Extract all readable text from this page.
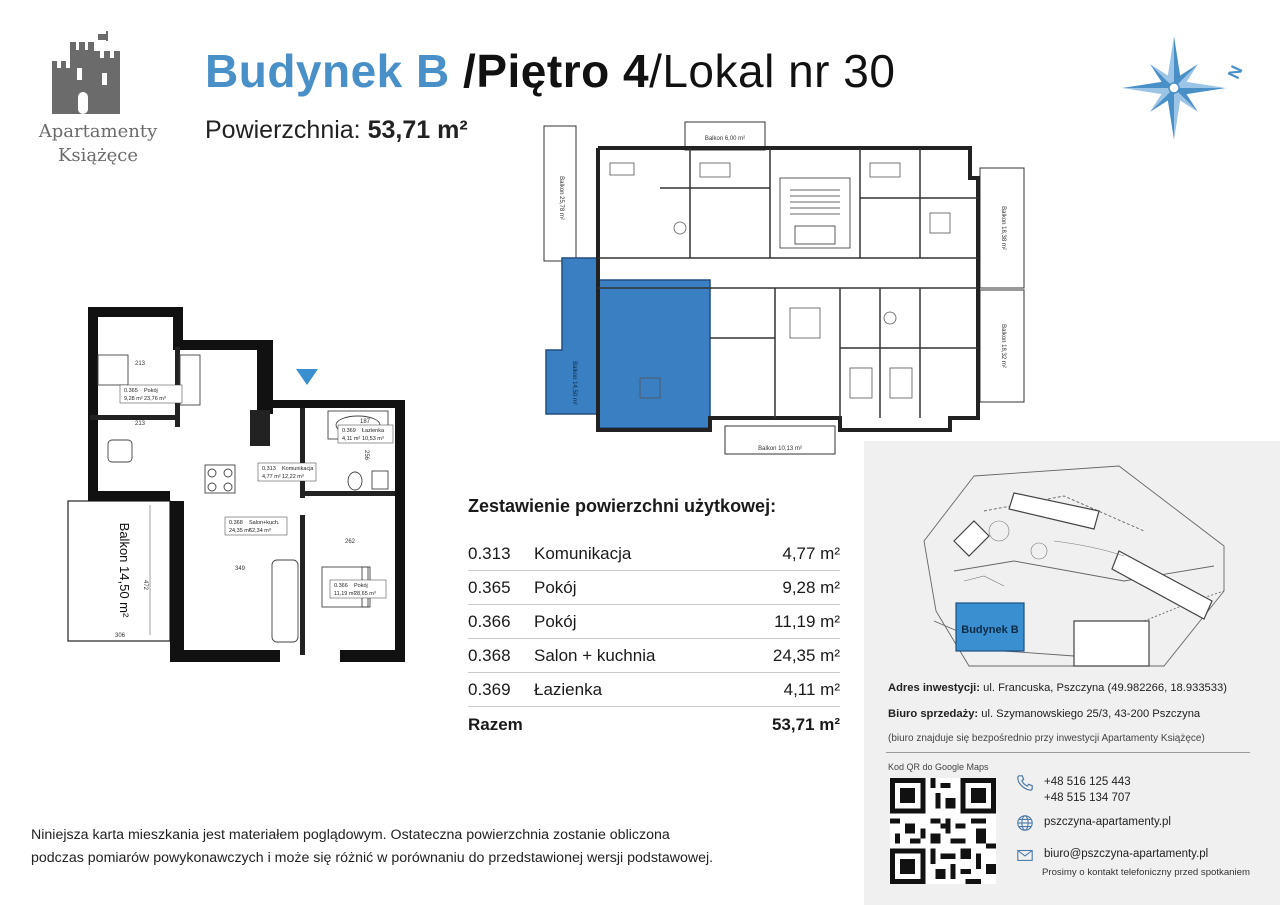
Apartamenty
Książęce
Budynek B /Piętro 4/Lokal nr 30
Powierzchnia: 53,71 m²
N
Balkon 6,00 m²
Balkon 25,78 m²
Balkon 18,38 m²
Balkon 18,32 m²
Balkon 10,13 m²
Balkon 14,50 m²
Balkon 14,50 m²
306
472
213
213
349
262
187
256
0.365 Pokój
9,28 m² 23,76 m³
0.369 Łazienka
4,11 m² 10,53 m³
0.313 Komunikacja
4,77 m² 12,22 m³
0.368 Salon+kuch.
24,35 m²
62,34 m³
0.366 Pokój
11,19 m²
28,65 m³
Zestawienie powierzchni użytkowej:
0.313	Komunikacja	4,77 m²
0.365	Pokój	9,28 m²
0.366	Pokój	11,19 m²
0.368	Salon + kuchnia	24,35 m²
0.369	Łazienka	4,11 m²
Razem	53,71 m²
Niniejsza karta mieszkania jest materiałem poglądowym. Ostateczna powierzchnia zostanie obliczona
podczas pomiarów powykonawczych i może się różnić w porównaniu do przedstawionej wersji podstawowej.
Budynek B
Adres inwestycji: ul. Francuska, Pszczyna (49.982266, 18.933533)
Biuro sprzedaży: ul. Szymanowskiego 25/3, 43-200 Pszczyna
(biuro znajduje się bezpośrednio przy inwestycji Apartamenty Książęce)
Kod QR do Google Maps
+48 516 125 443
+48 515 134 707
pszczyna-apartamenty.pl
biuro@pszczyna-apartamenty.pl
Prosimy o kontakt telefoniczny przed spotkaniem
